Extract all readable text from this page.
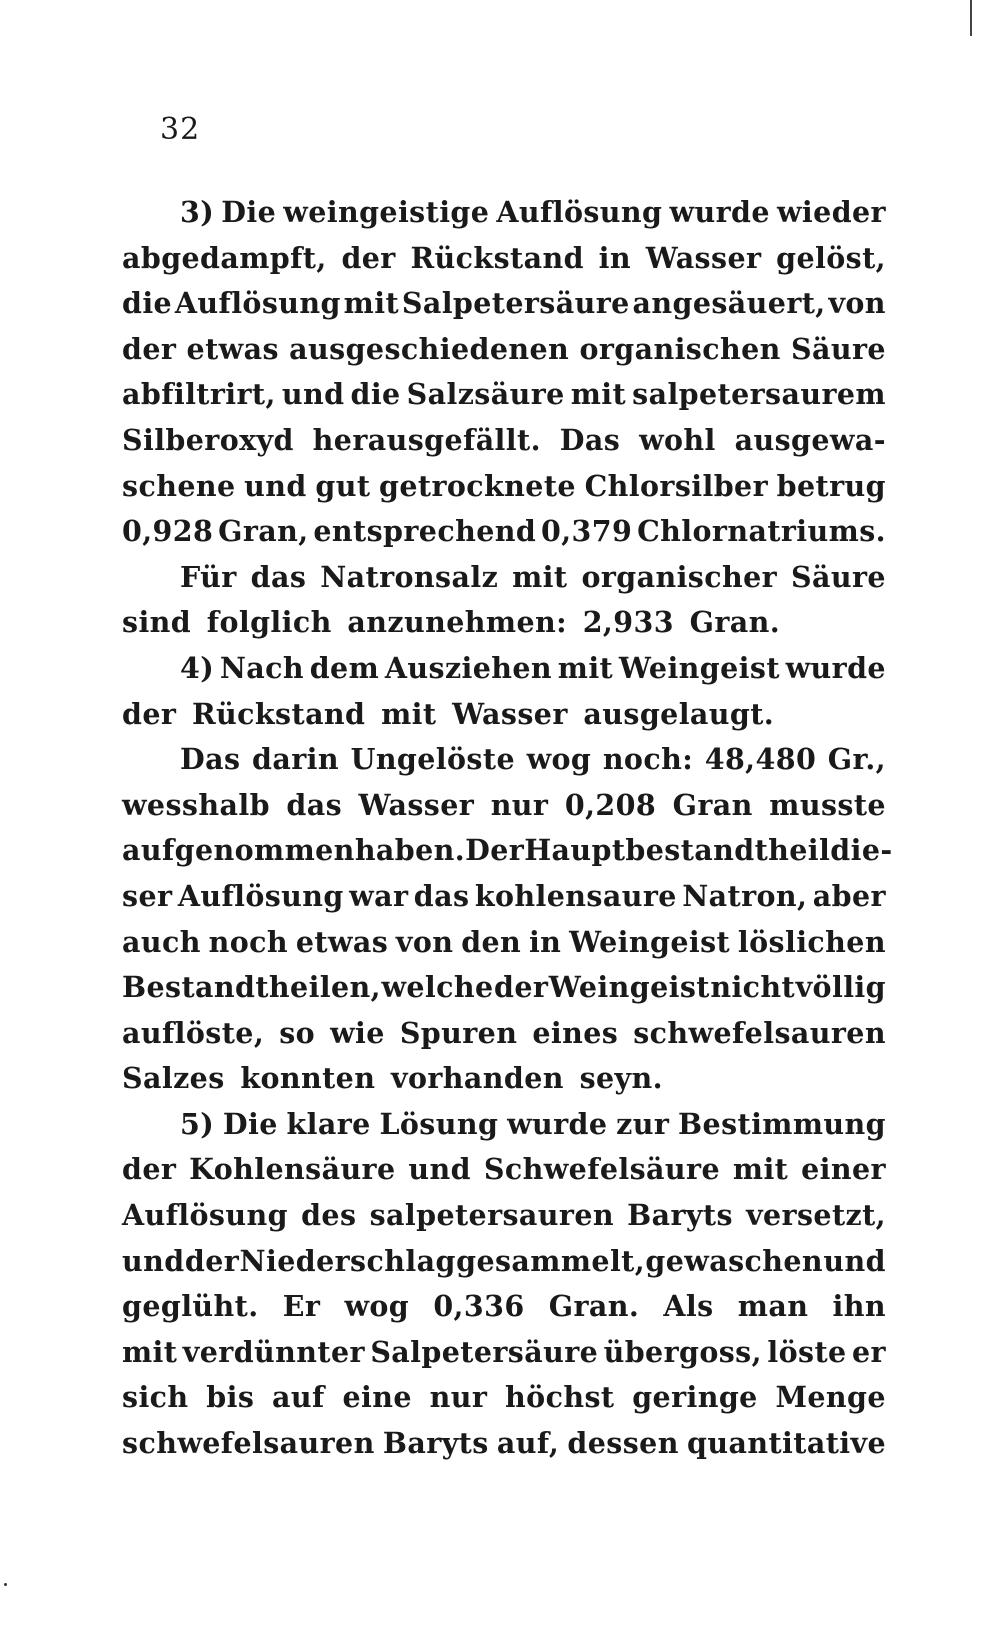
32
3) Die weingeistige Auflösung wurde wieder
abgedampft, der Rückstand in Wasser gelöst,
die Auflösung mit Salpetersäure angesäuert, von
der etwas ausgeschiedenen organischen Säure
abfiltrirt, und die Salzsäure mit salpetersaurem
Silberoxyd herausgefällt. Das wohl ausgewa-
schene und gut getrocknete Chlorsilber betrug
0,928 Gran, entsprechend 0,379 Chlornatriums.
Für das Natronsalz mit organischer Säure
sind folglich anzunehmen: 2,933 Gran.
4) Nach dem Ausziehen mit Weingeist wurde
der Rückstand mit Wasser ausgelaugt.
Das darin Ungelöste wog noch: 48,480 Gr.,
wesshalb das Wasser nur 0,208 Gran musste
aufgenommen haben. Der Hauptbestandtheil die-
ser Auflösung war das kohlensaure Natron, aber
auch noch etwas von den in Weingeist löslichen
Bestandtheilen, welche der Weingeist nicht völlig
auflöste, so wie Spuren eines schwefelsauren
Salzes konnten vorhanden seyn.
5) Die klare Lösung wurde zur Bestimmung
der Kohlensäure und Schwefelsäure mit einer
Auflösung des salpetersauren Baryts versetzt,
und der Niederschlag gesammelt, gewaschen und
geglüht. Er wog 0,336 Gran. Als man ihn
mit verdünnter Salpetersäure übergoss, löste er
sich bis auf eine nur höchst geringe Menge
schwefelsauren Baryts auf, dessen quantitative
